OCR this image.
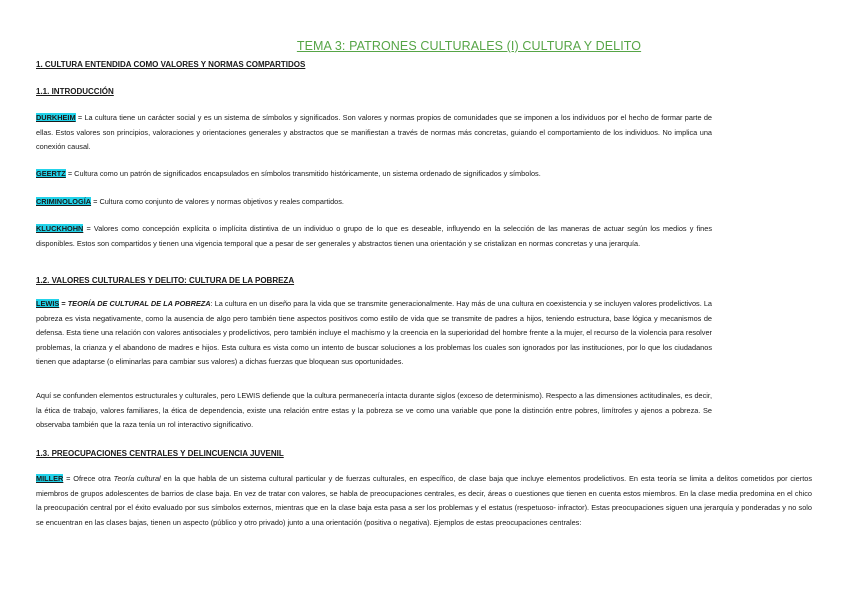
TEMA 3: PATRONES CULTURALES (I) CULTURA Y DELITO
1. CULTURA ENTENDIDA COMO VALORES Y NORMAS COMPARTIDOS
1.1. INTRODUCCIÓN
DURKHEIM = La cultura tiene un carácter social y es un sistema de símbolos y significados. Son valores y normas propios de comunidades que se imponen a los individuos por el hecho de formar parte de ellas. Estos valores son principios, valoraciones y orientaciones generales y abstractos que se manifiestan a través de normas más concretas, guiando el comportamiento de los individuos. No implica una conexión causal.
GEERTZ = Cultura como un patrón de significados encapsulados en símbolos transmitido históricamente, un sistema ordenado de significados y símbolos.
CRIMINOLOGÍA = Cultura como conjunto de valores y normas objetivos y reales compartidos.
KLUCKHOHN = Valores como concepción explícita o implícita distintiva de un individuo o grupo de lo que es deseable, influyendo en la selección de las maneras de actuar según los medios y fines disponibles. Estos son compartidos y tienen una vigencia temporal que a pesar de ser generales y abstractos tienen una orientación y se cristalizan en normas concretas y una jerarquía.
1.2. VALORES CULTURALES Y DELITO: CULTURA DE LA POBREZA
LEWIS = TEORÍA DE CULTURAL DE LA POBREZA: La cultura en un diseño para la vida que se transmite generacionalmente. Hay más de una cultura en coexistencia y se incluyen valores prodelictivos. La pobreza es vista negativamente, como la ausencia de algo pero también tiene aspectos positivos como estilo de vida que se transmite de padres a hijos, teniendo estructura, base lógica y mecanismos de defensa. Esta tiene una relación con valores antisociales y prodelictivos, pero también incluye el machismo y la creencia en la superioridad del hombre frente a la mujer, el recurso de la violencia para resolver problemas, la crianza y el abandono de madres e hijos. Esta cultura es vista como un intento de buscar soluciones a los problemas los cuales son ignorados por las instituciones, por lo que los ciudadanos tienen que adaptarse (o eliminarlas para cambiar sus valores) a dichas fuerzas que bloquean sus oportunidades.
Aquí se confunden elementos estructurales y culturales, pero LEWIS defiende que la cultura permanecería intacta durante siglos (exceso de determinismo). Respecto a las dimensiones actitudinales, es decir, la ética de trabajo, valores familiares, la ética de dependencia, existe una relación entre estas y la pobreza se ve como una variable que pone la distinción entre pobres, limítrofes y ajenos a pobreza. Se observaba también que la raza tenía un rol interactivo significativo.
1.3. PREOCUPACIONES CENTRALES Y DELINCUENCIA JUVENIL
MILLER = Ofrece otra Teoría cultural en la que habla de un sistema cultural particular y de fuerzas culturales, en específico, de clase baja que incluye elementos prodelictivos. En esta teoría se limita a delitos cometidos por ciertos miembros de grupos adolescentes de barrios de clase baja. En vez de tratar con valores, se habla de preocupaciones centrales, es decir, áreas o cuestiones que tienen en cuenta estos miembros. En la clase media predomina en el chico la preocupación central por el éxito evaluado por sus símbolos externos, mientras que en la clase baja esta pasa a ser los problemas y el estatus (respetuoso- infractor). Estas preocupaciones siguen una jerarquía y ponderadas y no solo se encuentran en las clases bajas, tienen un aspecto (público y otro privado) junto a una orientación (positiva o negativa). Ejemplos de estas preocupaciones centrales:
